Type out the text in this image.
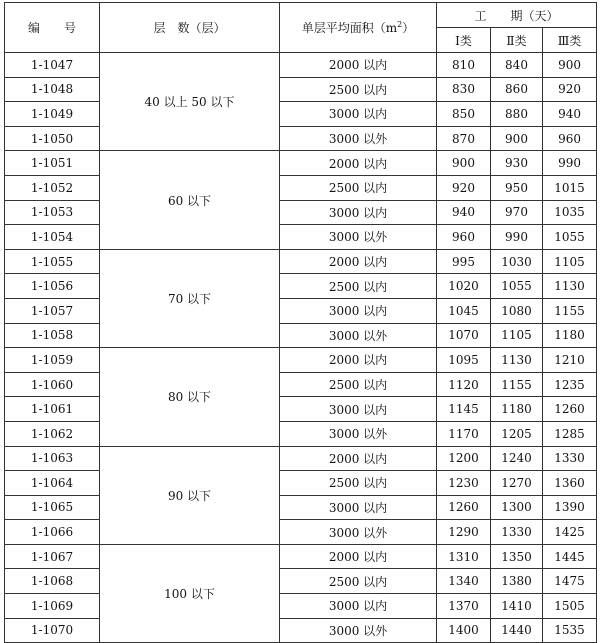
编　　号	层　数（层）	单层平均面积$(m^2)$	工　　期（天）		
			Ⅰ类	Ⅱ类	Ⅲ类
1-1047	40 以上 50 以下	2000 以内	810	840	900
1-1048		2500 以内	830	860	920
1-1049		3000 以内	850	880	940
1-1050		3000 以外	870	900	960
1-1051	60 以下	2000 以内	900	930	990
1-1052		2500 以内	920	950	1015
1-1053		3000 以内	940	970	1035
1-1054		3000 以外	960	990	1055
1-1055	70 以下	2000 以内	995	1030	1105
1-1056		2500 以内	1020	1055	1130
1-1057		3000 以内	1045	1080	1155
1-1058		3000 以外	1070	1105	1180
1-1059	80 以下	2000 以内	1095	1130	1210
1-1060		2500 以内	1120	1155	1235
1-1061		3000 以内	1145	1180	1260
1-1062		3000 以外	1170	1205	1285
1-1063	90 以下	2000 以内	1200	1240	1330
1-1064		2500 以内	1230	1270	1360
1-1065		3000 以内	1260	1300	1390
1-1066		3000 以外	1290	1330	1425
1-1067	100 以下	2000 以内	1310	1350	1445
1-1068		2500 以内	1340	1380	1475
1-1069		3000 以内	1370	1410	1505
1-1070		3000 以外	1400	1440	1535
